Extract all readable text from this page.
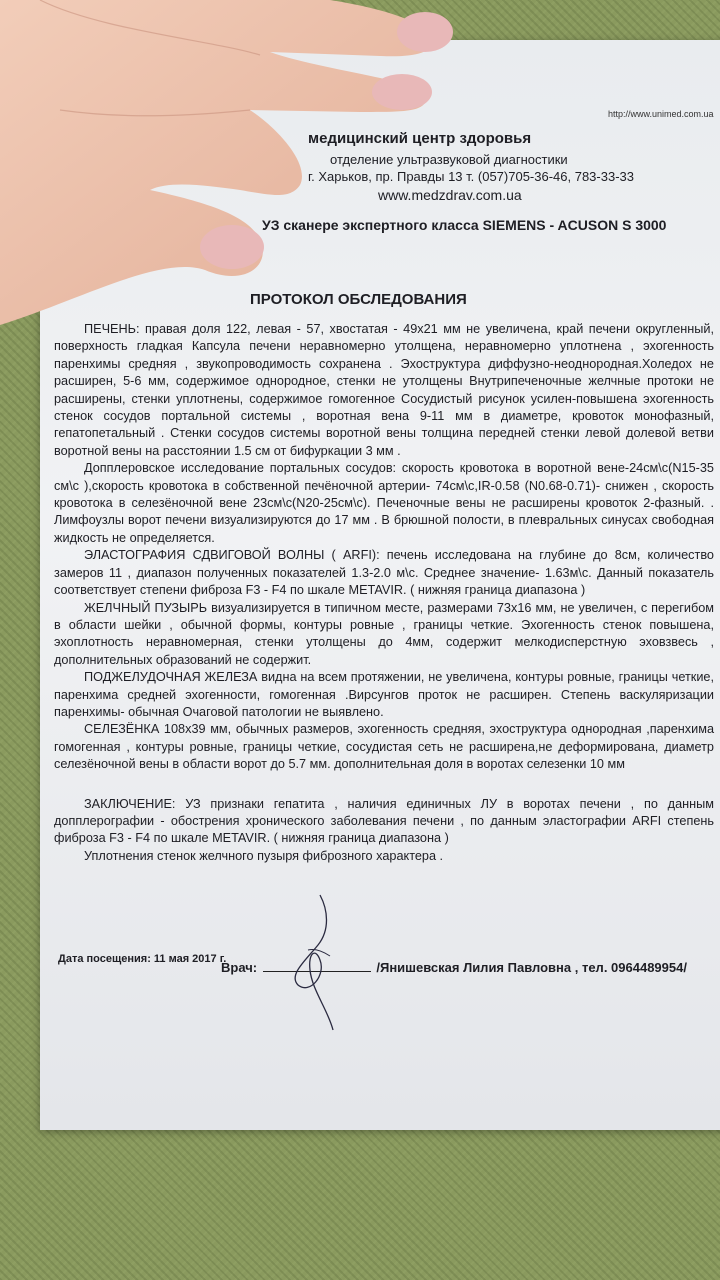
http://www.unimed.com.ua
медицинский центр здоровья
отделение ультразвуковой диагностики
г. Харьков, пр. Правды 13 т. (057)705-36-46, 783-33-33
www.medzdrav.com.ua
УЗ сканере экспертного класса SIEMENS - ACUSON S 3000
ПРОТОКОЛ ОБСЛЕДОВАНИЯ

ПЕЧЕНЬ: правая доля 122, левая - 57, хвостатая - 49х21 мм не увеличена, край печени округленный, поверхность гладкая Капсула печени неравномерно утолщена, неравномерно уплотнена , эхогенность паренхимы средняя , звукопроводимость сохранена . Эхоструктура диффузно-неоднородная.Холедох не расширен, 5-6 мм, содержимое однородное, стенки не утолщены Внутрипеченочные желчные протоки не расширены, стенки уплотнены, содержимое гомогенное Сосудистый рисунок усилен-повышена эхогенность стенок сосудов портальной системы , воротная вена 9-11 мм в диаметре, кровоток монофазный, гепатопетальный . Стенки сосудов системы воротной вены толщина передней стенки левой долевой ветви воротной вены на расстоянии 1.5 см от бифуркации 3 мм .

Допплеровское исследование портальных сосудов: скорость кровотока в воротной вене-24см\с(N15-35 см\с ),скорость кровотока в собственной печёночной артерии- 74см\с,IR-0.58 (N0.68-0.71)- снижен , скорость кровотока в селезёночной вене 23см\с(N20-25см\с). Печеночные вены не расширены кровоток 2-фазный. . Лимфоузлы ворот печени визуализируются до 17 мм . В брюшной полости, в плевральных синусах свободная жидкость не определяется.

ЭЛАСТОГРАФИЯ СДВИГОВОЙ ВОЛНЫ ( ARFI): печень исследована на глубине до 8см, количество замеров 11 , диапазон полученных показателей 1.3-2.0 м\с. Среднее значение- 1.63м\с. Данный показатель соответствует степени фиброза F3 - F4 по шкале METAVIR. ( нижняя граница диапазона )

ЖЕЛЧНЫЙ ПУЗЫРЬ визуализируется в типичном месте, размерами 73х16 мм, не увеличен, с перегибом в области шейки , обычной формы, контуры ровные , границы четкие. Эхогенность стенок повышена, эхоплотность неравномерная, стенки утолщены до 4мм, содержит мелкодисперстную эховзвесь , дополнительных образований не содержит.

ПОДЖЕЛУДОЧНАЯ ЖЕЛЕЗА видна на всем протяжении, не увеличена, контуры ровные, границы четкие, паренхима средней эхогенности, гомогенная .Вирсунгов проток не расширен. Степень васкуляризации паренхимы- обычная Очаговой патологии не выявлено.

СЕЛЕЗЁНКА 108х39 мм, обычных размеров, эхогенность средняя, эхоструктура однородная ,паренхима гомогенная , контуры ровные, границы четкие, сосудистая сеть не расширена,не деформирована, диаметр селезёночной вены в области ворот до 5.7 мм. дополнительная доля в воротах селезенки 10 мм

ЗАКЛЮЧЕНИЕ: УЗ признаки гепатита , наличия единичных ЛУ в воротах печени , по данным допплерографии - обострения хронического заболевания печени , по данным эластографии ARFI степень фиброза F3 - F4 по шкале METAVIR. ( нижняя граница диапазона )

Уплотнения стенок желчного пузыря фиброзного характера .

Дата посещения: 11 мая 2017 г.
Врач:	/Янишевская Лилия Павловна , тел. 0964489954/
